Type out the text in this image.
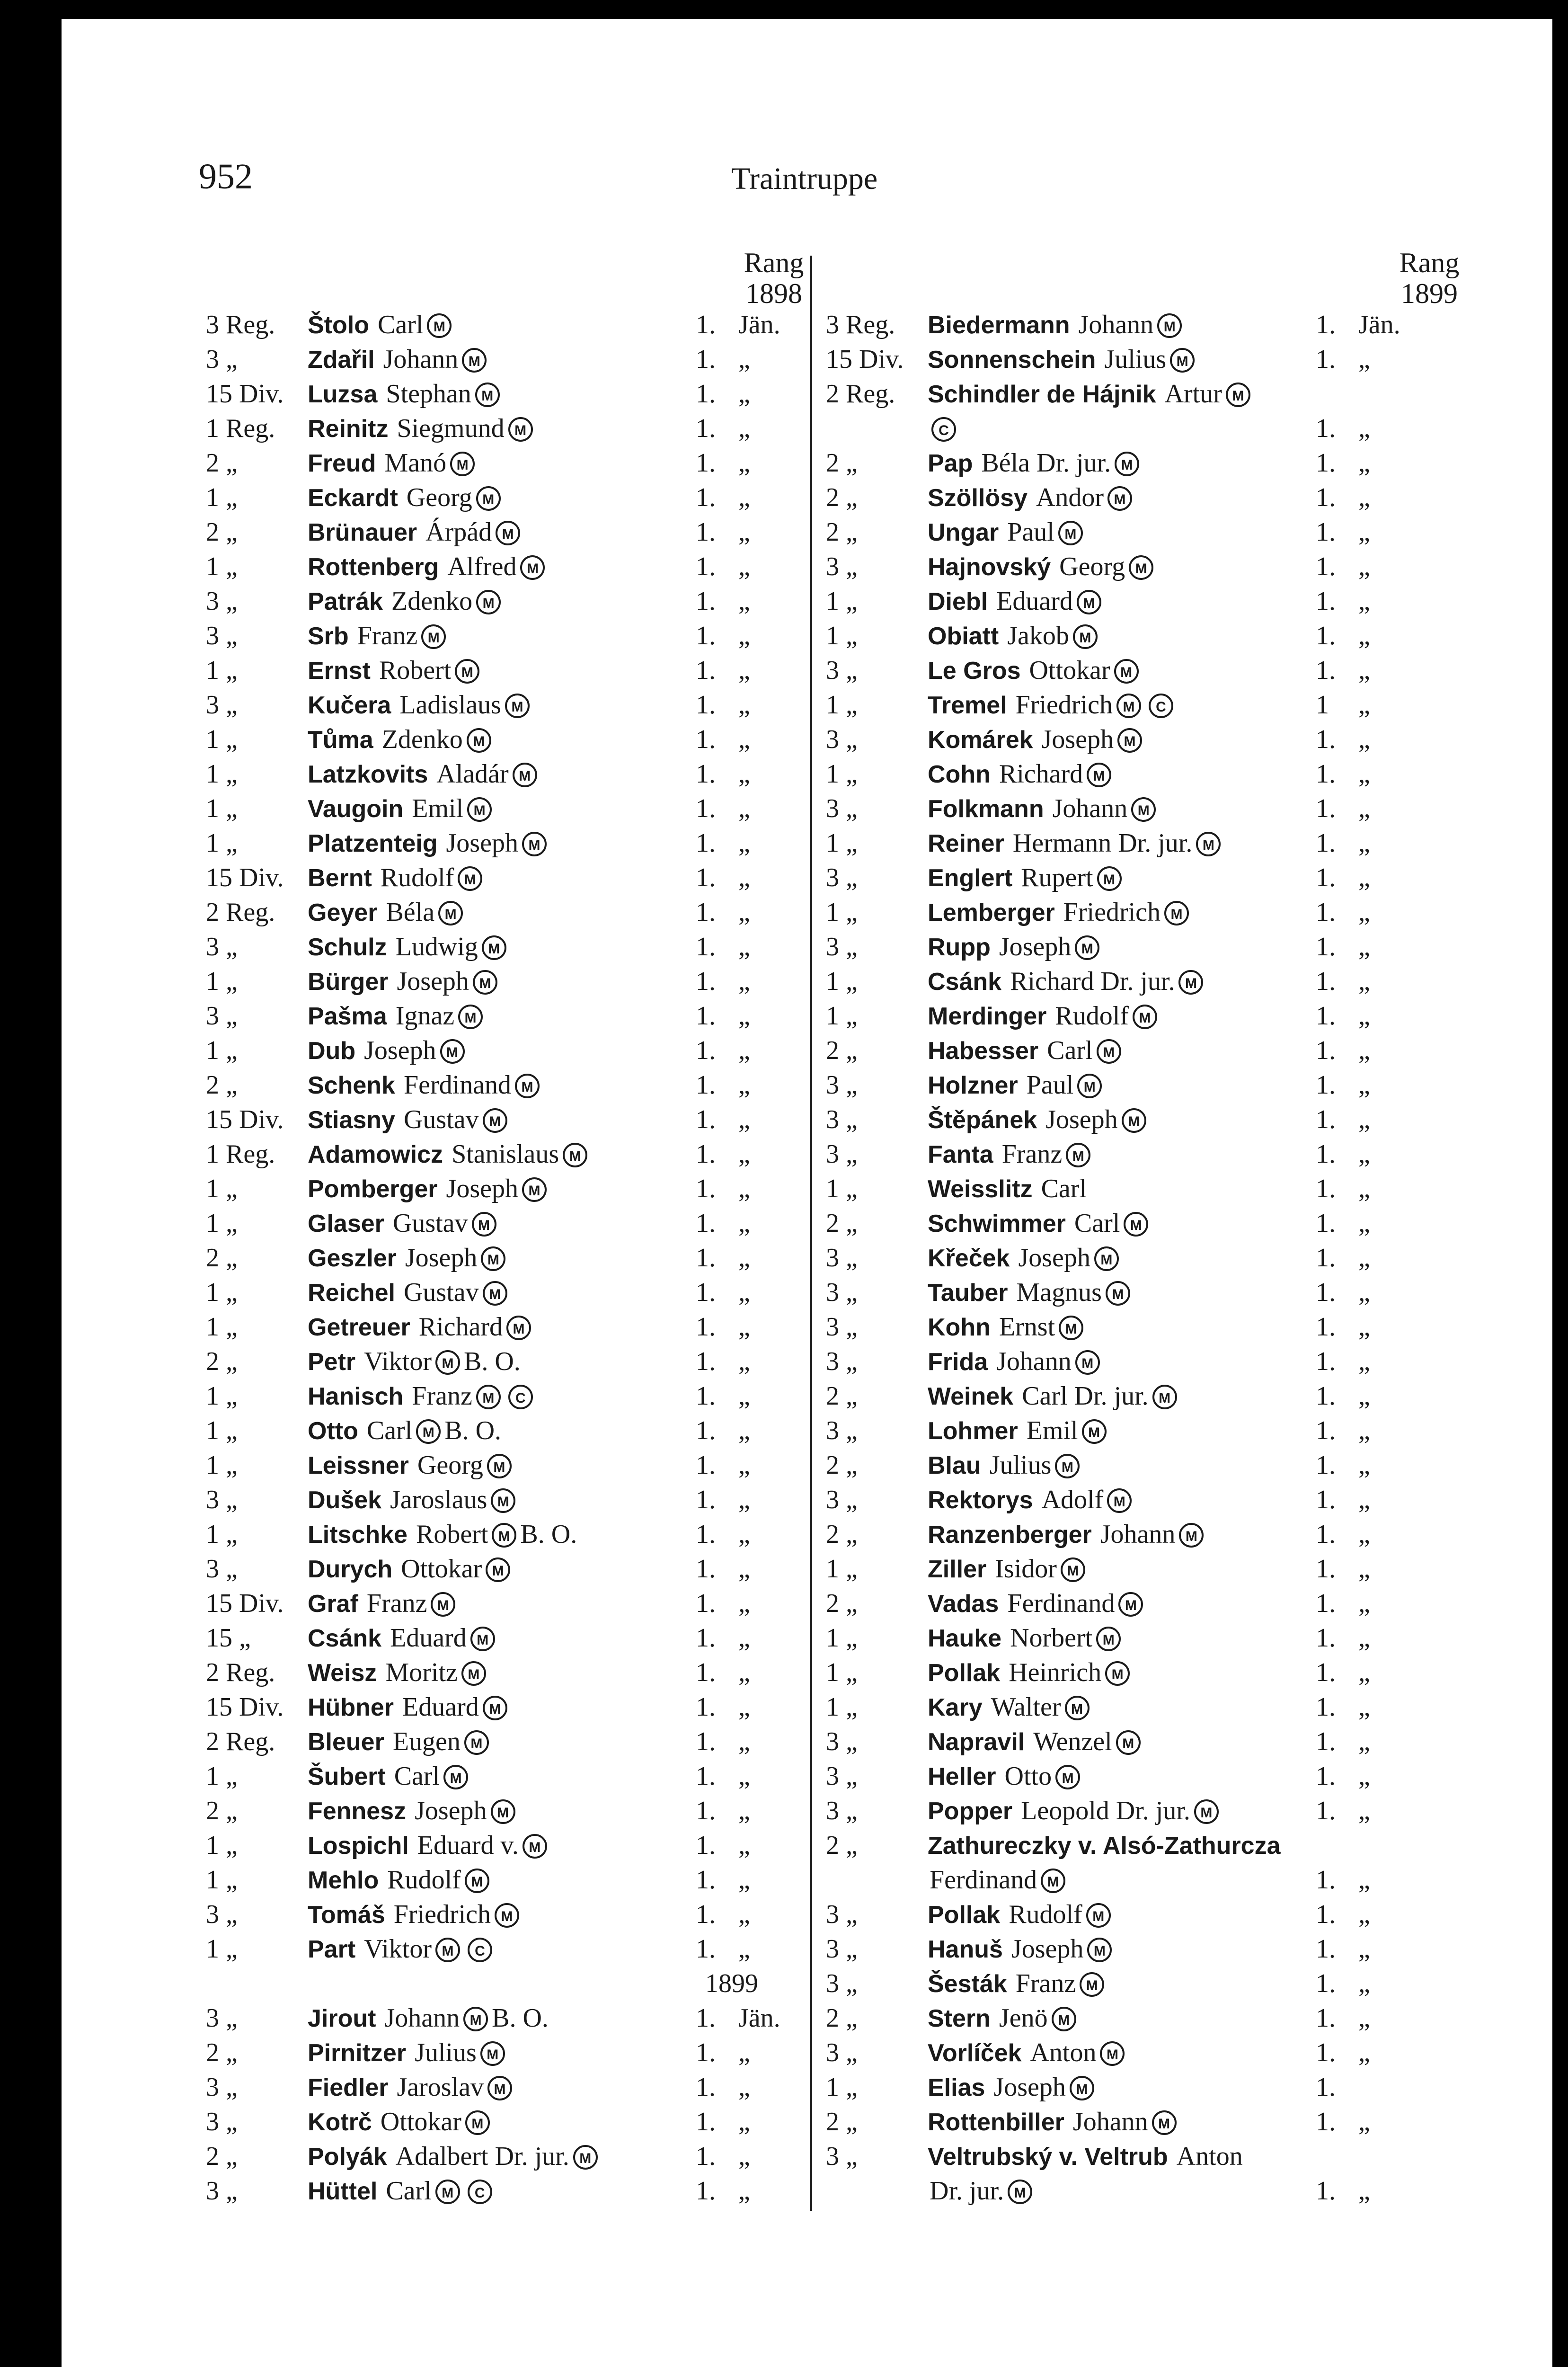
952	Traintruppe
Rang
1898
Rang
1899
3 Reg. Štolo Carl M	1. Jän.
3 „	Zdařil Johann M	1. „
15 Div. Luzsa Stephan M	1. „
1 Reg. Reinitz Siegmund M	1. „
2 „	Freud Manó M	1. „
1 „	Eckardt Georg M	1. „
2 „	Brünauer Árpád M	1. „
1 „	Rottenberg Alfred M	1. „
3 „	Patrák Zdenko M	1. „
3 „	Srb Franz M	1. „
1 „	Ernst Robert M	1. „
3 „	Kučera Ladislaus M	1. „
1 „	Tůma Zdenko M	1. „
1 „	Latzkovits Aladár M	1. „
1 „	Vaugoin Emil M	1. „
1 „	Platzenteig Joseph M	1. „
15 Div. Bernt Rudolf M	1. „
2 Reg. Geyer Béla M	1. „
3 „	Schulz Ludwig M	1. „
1 „	Bürger Joseph M	1. „
3 „	Pašma Ignaz M	1. „
1 „	Dub Joseph M	1. „
2 „	Schenk Ferdinand M	1. „
15 Div. Stiasny Gustav M	1. „
1 Reg. Adamowicz Stanislaus M	1. „
1 „	Pomberger Joseph M	1. „
1 „	Glaser Gustav M	1. „
2 „	Geszler Joseph M	1. „
1 „	Reichel Gustav M	1. „
1 „	Getreuer Richard M	1. „
2 „	Petr Viktor M B. O.	1. „
1 „	Hanisch Franz M C	1. „
1 „	Otto Carl M B. O.	1. „
1 „	Leissner Georg M	1. „
3 „	Dušek Jaroslaus M	1. „
1 „	Litschke Robert M B. O.	1. „
3 „	Durych Ottokar M	1. „
15 Div. Graf Franz M	1. „
15 „ Csánk Eduard M	1. „
2 Reg. Weisz Moritz M	1. „
15 Div. Hübner Eduard M	1. „
2 Reg. Bleuer Eugen M	1. „
1 „	Šubert Carl M	1. „
2 „	Fennesz Joseph M	1. „
1 „	Lospichl Eduard v. M	1. „
1 „	Mehlo Rudolf M	1. „
3 „	Tomáš Friedrich M	1. „
1 „	Part Viktor M C	1. „
1899
3 „	Jirout Johann M B. O.	1. Jän.
2 „	Pirnitzer Julius M	1. „
3 „	Fiedler Jaroslav M	1. „
3 „	Kotrč Ottokar M	1. „
2 „	Polyák Adalbert Dr. jur. M	1. „
3 „	Hüttel Carl M C	1. „
3 Reg. Biedermann Johann M	1. Jän.
15 Div. Sonnenschein Julius M	1. „
2 Reg. Schindler de Hájnik Artur M
C	1. „
2 „	Pap Béla Dr. jur. M	1. „
2 „	Szöllösy Andor M	1. „
2 „	Ungar Paul M	1. „
3 „	Hajnovský Georg M	1. „
1 „	Diebl Eduard M	1. „
1 „	Obiatt Jakob M	1. „
3 „	Le Gros Ottokar M	1. „
1 „	Tremel Friedrich M C	1 „
3 „	Komárek Joseph M	1. „
1 „	Cohn Richard M	1. „
3 „	Folkmann Johann M	1. „
1 „	Reiner Hermann Dr. jur. M	1. „
3 „	Englert Rupert M	1. „
1 „	Lemberger Friedrich M	1. „
3 „	Rupp Joseph M	1. „
1 „	Csánk Richard Dr. jur. M	1. „
1 „	Merdinger Rudolf M	1. „
2 „	Habesser Carl M	1. „
3 „	Holzner Paul M	1. „
3 „	Štěpánek Joseph M	1. „
3 „	Fanta Franz M	1. „
1 „	Weisslitz Carl	1. „
2 „	Schwimmer Carl M	1. „
3 „	Křeček Joseph M	1. „
3 „	Tauber Magnus M	1. „
3 „	Kohn Ernst M	1. „
3 „	Frida Johann M	1. „
2 „	Weinek Carl Dr. jur. M	1. „
3 „	Lohmer Emil M	1. „
2 „	Blau Julius M	1. „
3 „	Rektorys Adolf M	1. „
2 „	Ranzenberger Johann M	1. „
1 „	Ziller Isidor M	1. „
2 „	Vadas Ferdinand M	1. „
1 „	Hauke Norbert M	1. „
1 „	Pollak Heinrich M	1. „
1 „	Kary Walter M	1. „
3 „	Napravil Wenzel M	1. „
3 „	Heller Otto M	1. „
3 „	Popper Leopold Dr. jur. M	1. „
2 „	Zathureczky v. Alsó-Zathurcza
Ferdinand M	1. „
3 „	Pollak Rudolf M	1. „
3 „	Hanuš Joseph M	1. „
3 „	Šesták Franz M	1. „
2 „	Stern Jenö M	1. „
3 „	Vorlíček Anton M	1. „
1 „	Elias Joseph M	1.
2 „	Rottenbiller Johann M	1. „
3 „	Veltrubský v. Veltrub Anton
Dr. jur. M	1. „
